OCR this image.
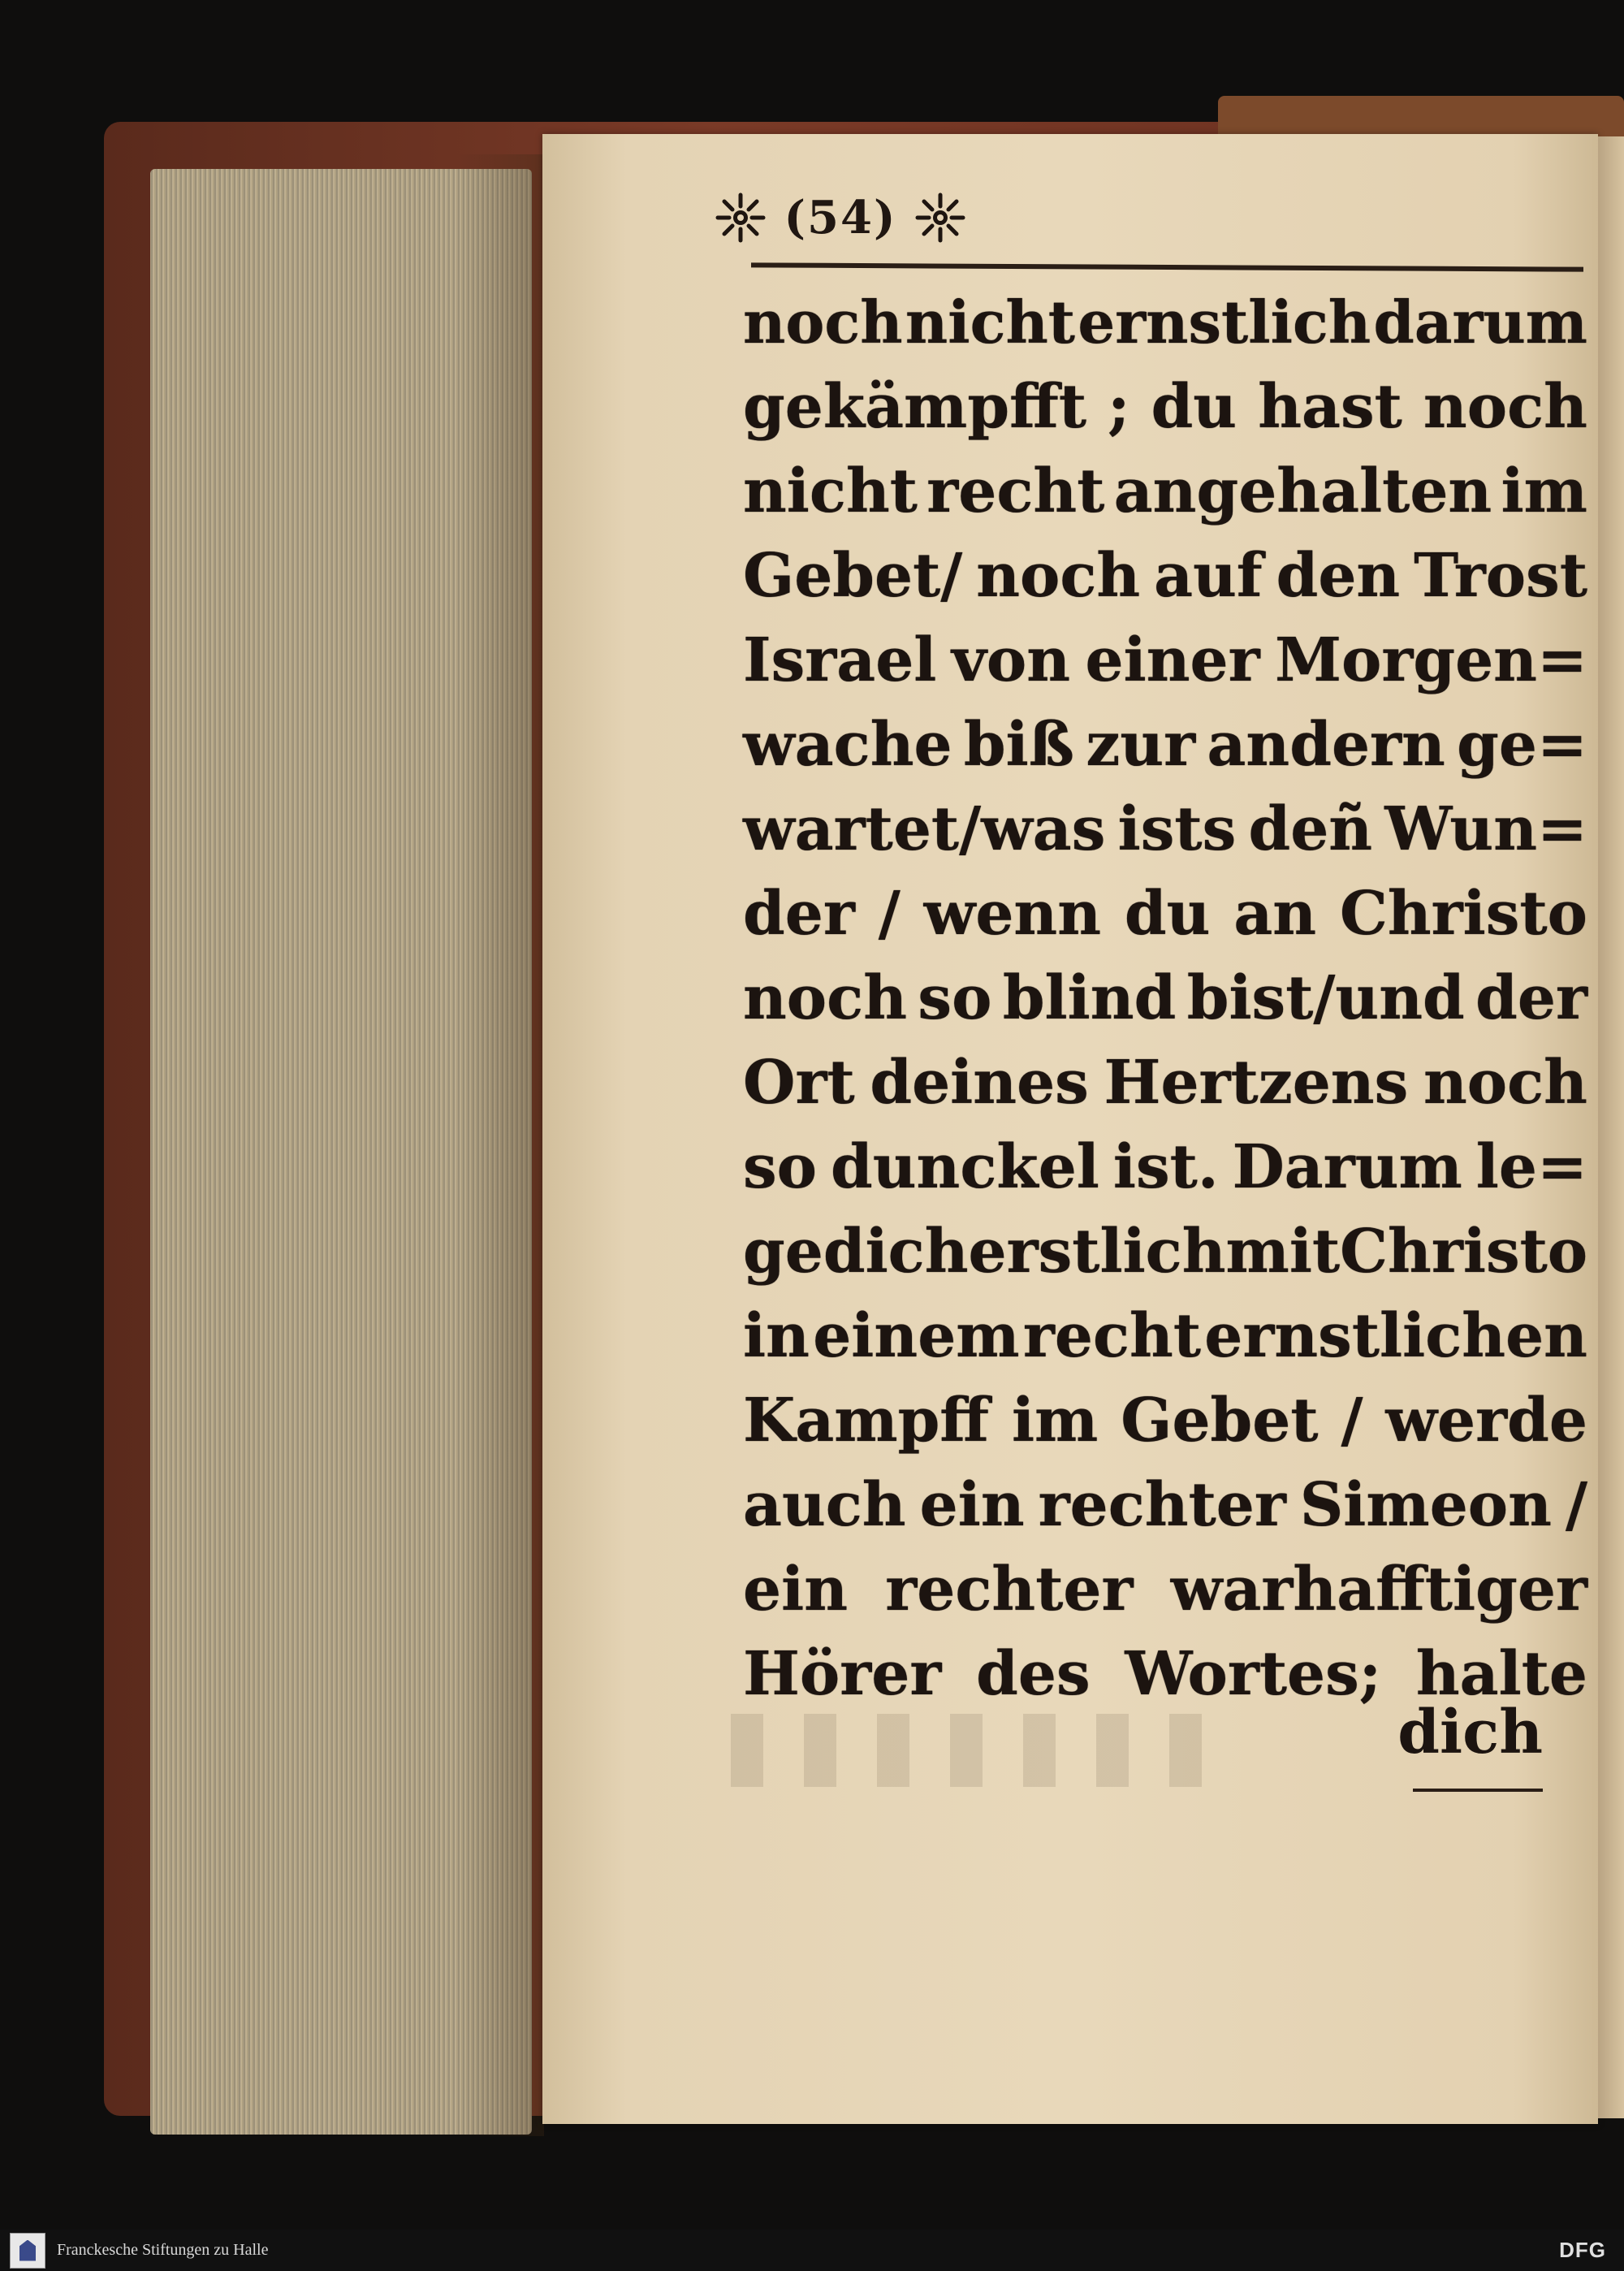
(54)
noch nicht ernstlich darum
gekämpfft ; du hast noch
nicht recht angehalten im
Gebet/ noch auf den Trost
Israel von einer Morgen=
wache biß zur andern ge=
wartet/was ists deñ Wun=
der / wenn du an Christo
noch so blind bist/und der
Ort deines Hertzens noch
so dunckel ist. Darum le=
ge dich erstlich mit Christo
in einem recht ernstlichen
Kampff im Gebet / werde
auch ein rechter Simeon /
ein rechter warhafftiger
Hörer des Wortes; halte
dich
Franckesche Stiftungen zu Halle	DFG
